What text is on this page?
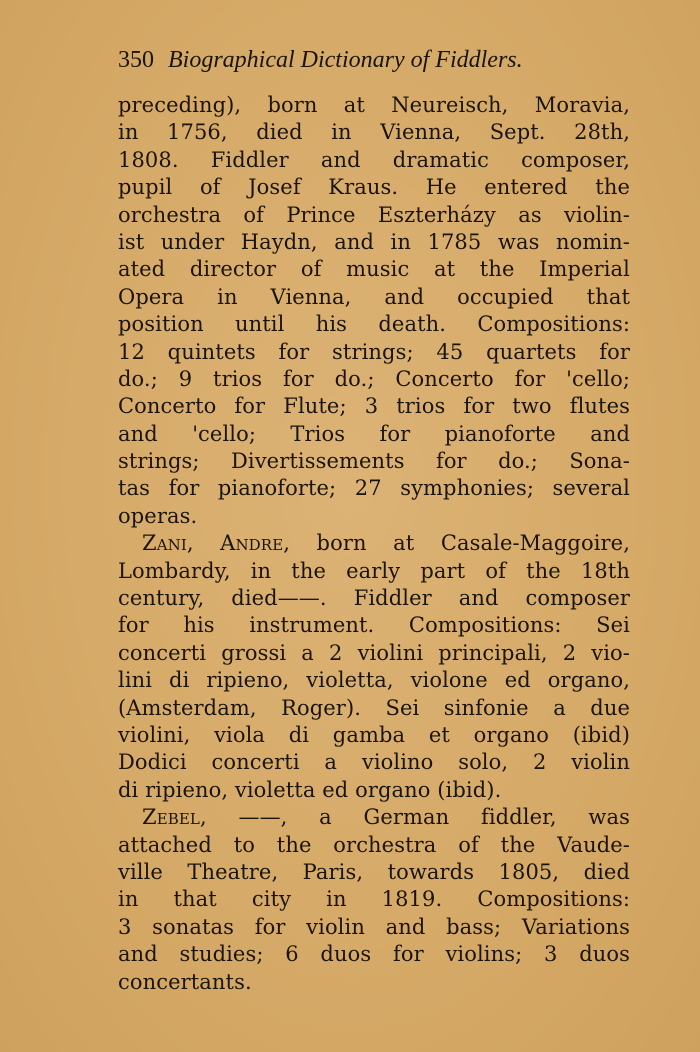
350 Biographical Dictionary of Fiddlers.
preceding), born at Neureisch, Moravia,
in 1756, died in Vienna, Sept. 28th,
1808. Fiddler and dramatic composer,
pupil of Josef Kraus. He entered the
orchestra of Prince Eszterházy as violin-
ist under Haydn, and in 1785 was nomin-
ated director of music at the Imperial
Opera in Vienna, and occupied that
position until his death. Compositions:
12 quintets for strings; 45 quartets for
do.; 9 trios for do.; Concerto for 'cello;
Concerto for Flute; 3 trios for two flutes
and 'cello; Trios for pianoforte and
strings; Divertissements for do.; Sona-
tas for pianoforte; 27 symphonies; several
operas.
Zani, Andre, born at Casale-Maggoire,
Lombardy, in the early part of the 18th
century, died——. Fiddler and composer
for his instrument. Compositions: Sei
concerti grossi a 2 violini principali, 2 vio-
lini di ripieno, violetta, violone ed organo,
(Amsterdam, Roger). Sei sinfonie a due
violini, viola di gamba et organo (ibid)
Dodici concerti a violino solo, 2 violin
di ripieno, violetta ed organo (ibid).
Zebel, ——, a German fiddler, was
attached to the orchestra of the Vaude-
ville Theatre, Paris, towards 1805, died
in that city in 1819. Compositions:
3 sonatas for violin and bass; Variations
and studies; 6 duos for violins; 3 duos
concertants.
